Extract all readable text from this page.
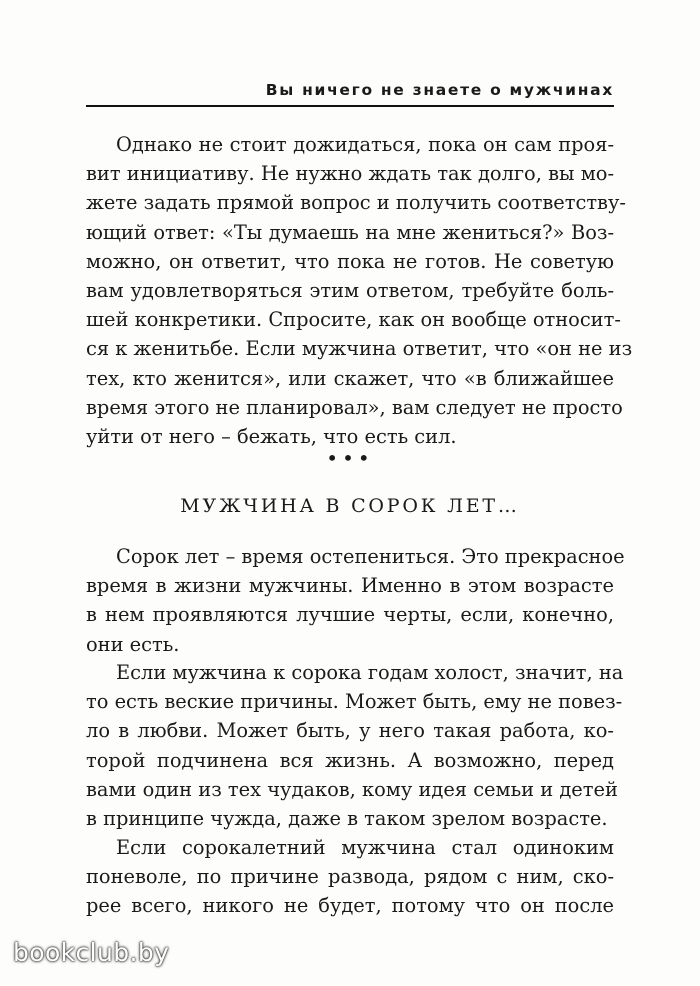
Вы ничего не знаете о мужчинах
Однако не стоит дожидаться, пока он сам проя-
вит инициативу. Не нужно ждать так долго, вы мо-
жете задать прямой вопрос и получить соответству-
ющий ответ: «Ты думаешь на мне жениться?» Воз-
можно, он ответит, что пока не готов. Не советую
вам удовлетворяться этим ответом, требуйте боль-
шей конкретики. Спросите, как он вообще относит-
ся к женитьбе. Если мужчина ответит, что «он не из
тех, кто женится», или скажет, что «в ближайшее
время этого не планировал», вам следует не просто
уйти от него – бежать, что есть сил.
•••
МУЖЧИНА В СОРОК ЛЕТ…
Сорок лет – время остепениться. Это прекрасное
время в жизни мужчины. Именно в этом возрасте
в нем проявляются лучшие черты, если, конечно,
они есть.
Если мужчина к сорока годам холост, значит, на
то есть веские причины. Может быть, ему не повез-
ло в любви. Может быть, у него такая работа, ко-
торой подчинена вся жизнь. А возможно, перед
вами один из тех чудаков, кому идея семьи и детей
в принципе чужда, даже в таком зрелом возрасте.
Если сорокалетний мужчина стал одиноким
поневоле, по причине развода, рядом с ним, ско-
рее всего, никого не будет, потому что он после
bookclub.by
